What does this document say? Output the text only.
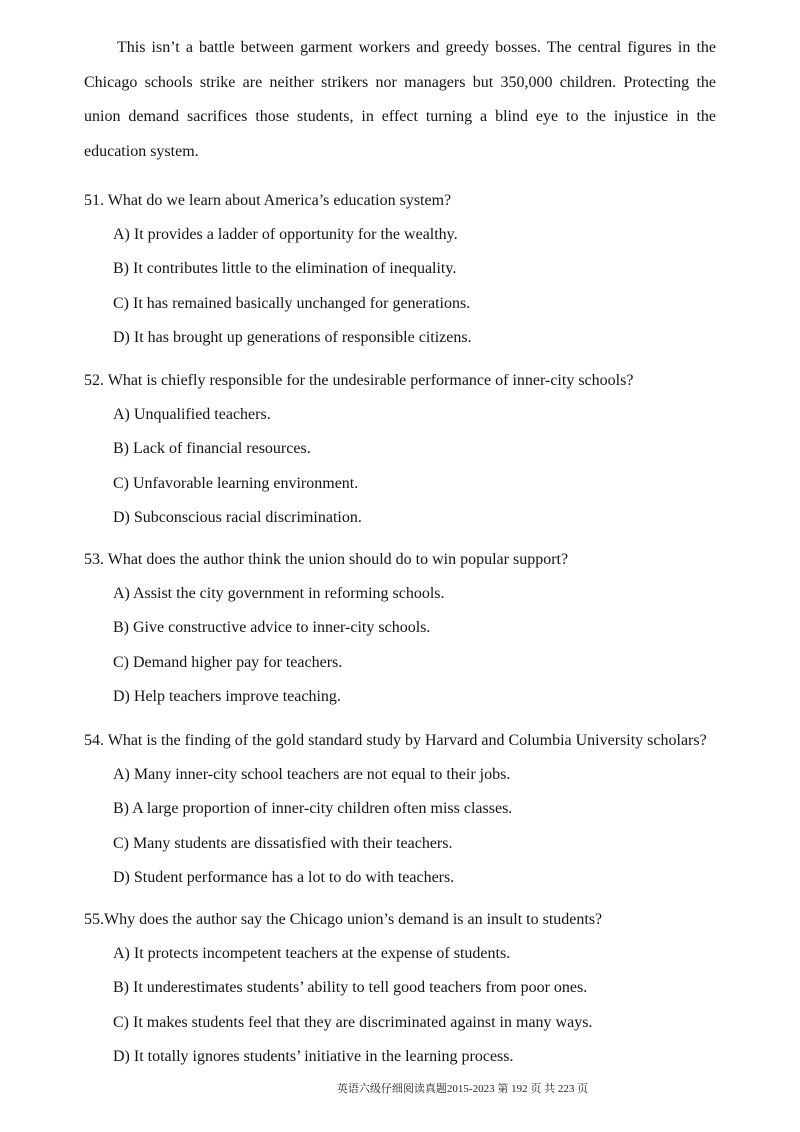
This isn’t a battle between garment workers and greedy bosses. The central figures in the
Chicago schools strike are neither strikers nor managers but 350,000 children. Protecting the
union demand sacrifices those students, in effect turning a blind eye to the injustice in the
education system.
51. What do we learn about America’s education system?
A) It provides a ladder of opportunity for the wealthy.
B) It contributes little to the elimination of inequality.
C) It has remained basically unchanged for generations.
D) It has brought up generations of responsible citizens.
52. What is chiefly responsible for the undesirable performance of inner-city schools?
A) Unqualified teachers.
B) Lack of financial resources.
C) Unfavorable learning environment.
D) Subconscious racial discrimination.
53. What does the author think the union should do to win popular support?
A) Assist the city government in reforming schools.
B) Give constructive advice to inner-city schools.
C) Demand higher pay for teachers.
D) Help teachers improve teaching.
54. What is the finding of the gold standard study by Harvard and Columbia University scholars?
A) Many inner-city school teachers are not equal to their jobs.
B) A large proportion of inner-city children often miss classes.
C) Many students are dissatisfied with their teachers.
D) Student performance has a lot to do with teachers.
55.Why does the author say the Chicago union’s demand is an insult to students?
A) It protects incompetent teachers at the expense of students.
B) It underestimates students’ ability to tell good teachers from poor ones.
C) It makes students feel that they are discriminated against in many ways.
D) It totally ignores students’ initiative in the learning process.
英语六级仔细阅读真题2015-2023 第 192 页 共 223 页
